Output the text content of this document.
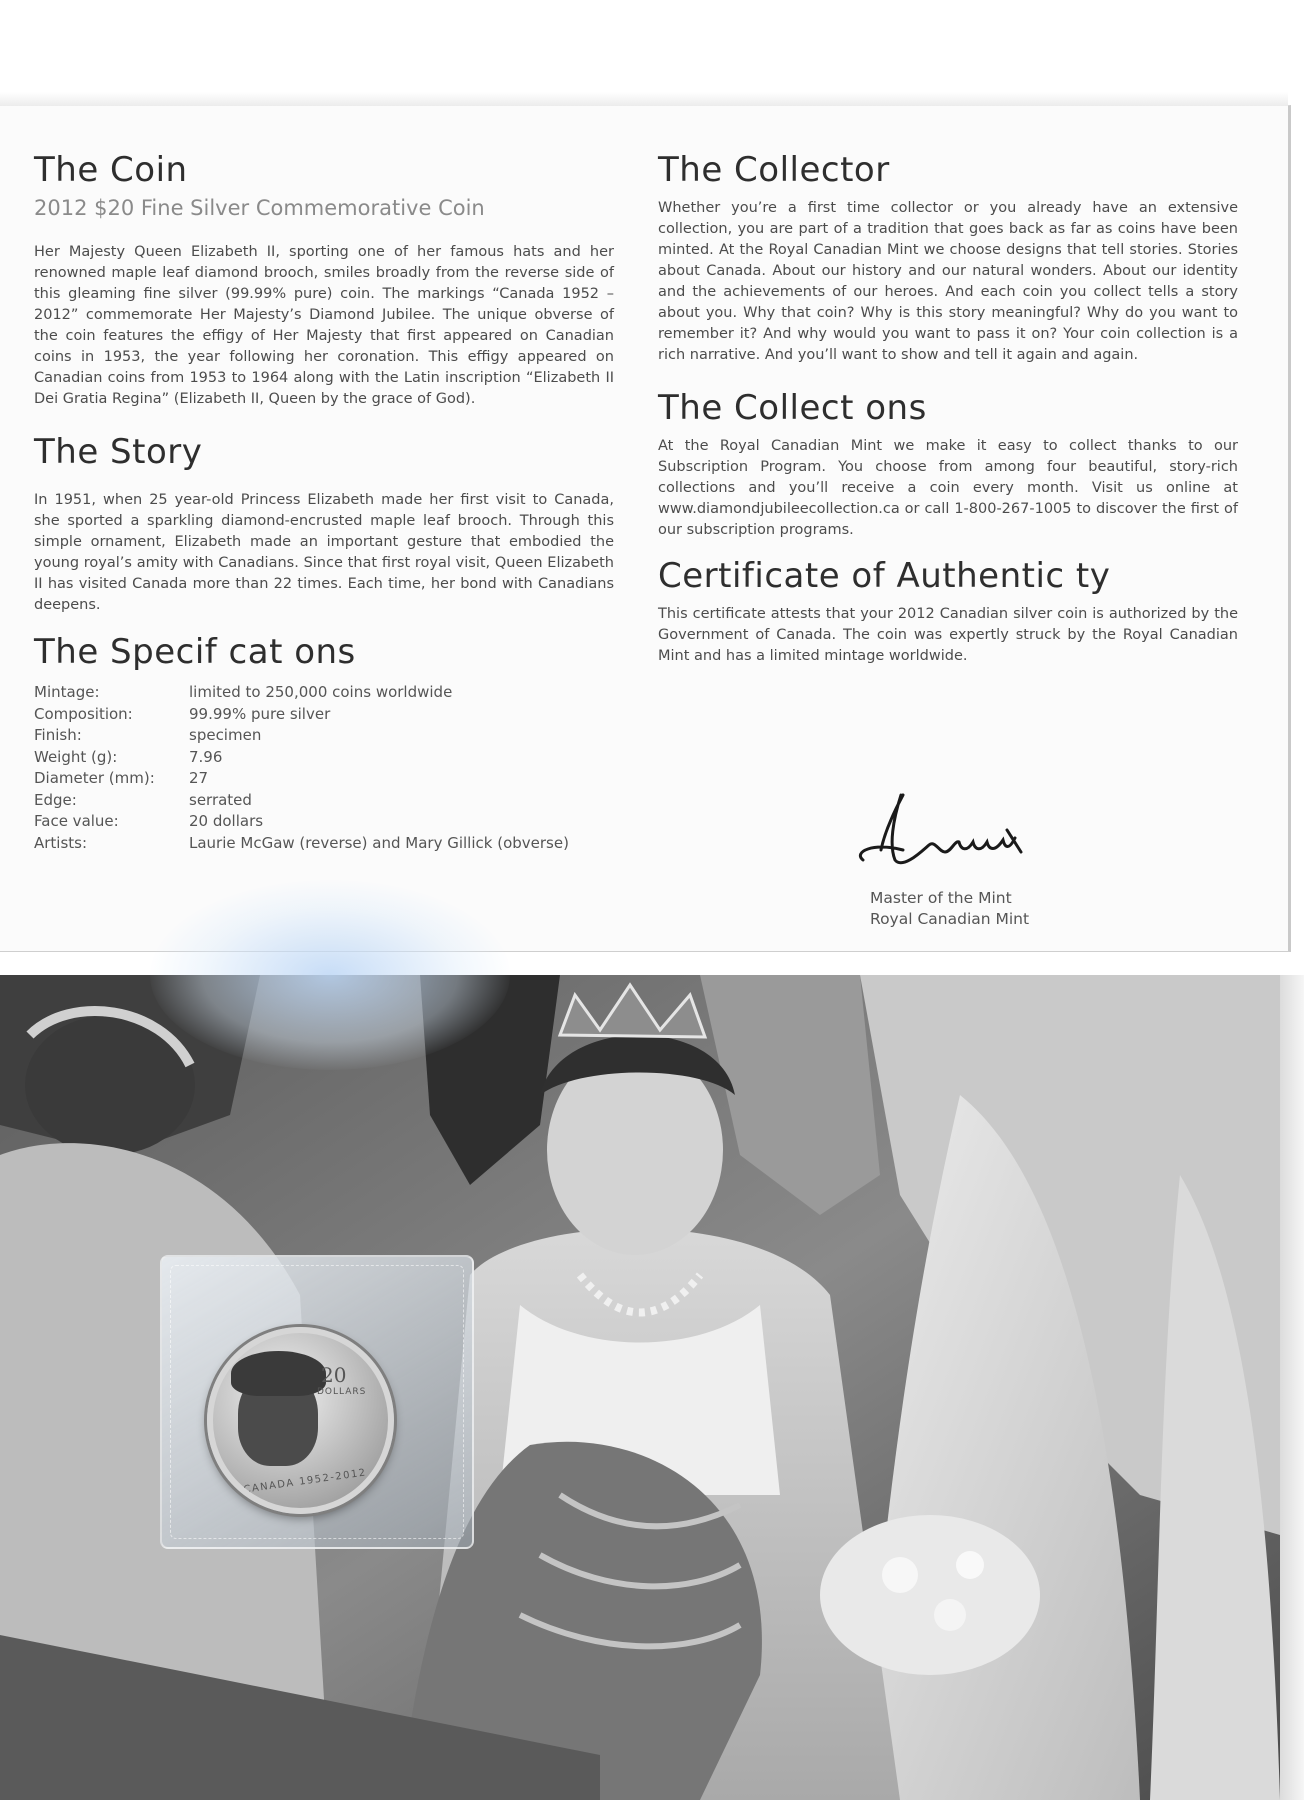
The Coin
2012 $20 Fine Silver Commemorative Coin

Her Majesty Queen Elizabeth II, sporting one of her famous hats and her renowned maple leaf diamond brooch, smiles broadly from the reverse side of this gleaming fine silver (99.99% pure) coin. The markings “Canada 1952 – 2012” commemorate Her Majesty’s Diamond Jubilee. The unique obverse of the coin features the effigy of Her Majesty that first appeared on Canadian coins in 1953, the year following her coronation. This effigy appeared on Canadian coins from 1953 to 1964 along with the Latin inscription “Elizabeth II Dei Gratia Regina” (Elizabeth II, Queen by the grace of God).

The Story

In 1951, when 25 year-old Princess Elizabeth made her first visit to Canada, she sported a sparkling diamond-encrusted maple leaf brooch. Through this simple ornament, Elizabeth made an important gesture that embodied the young royal’s amity with Canadians. Since that first royal visit, Queen Elizabeth II has visited Canada more than 22 times. Each time, her bond with Canadians deepens.

The Specif cat ons
Mintage:	limited to 250,000 coins worldwide
Composition:	99.99% pure silver
Finish:	specimen
Weight (g):	7.96
Diameter (mm):	27
Edge:	serrated
Face value:	20 dollars
Artists:	Laurie McGaw (reverse) and Mary Gillick (obverse)
The Collector

Whether you’re a first time collector or you already have an extensive collection, you are part of a tradition that goes back as far as coins have been minted. At the Royal Canadian Mint we choose designs that tell stories. Stories about Canada. About our history and our natural wonders. About our identity and the achievements of our heroes. And each coin you collect tells a story about you. Why that coin? Why is this story meaningful? Why do you want to remember it? And why would you want to pass it on? Your coin collection is a rich narrative. And you’ll want to show and tell it again and again.

The Collect ons

At the Royal Canadian Mint we make it easy to collect thanks to our Subscription Program. You choose from among four beautiful, story-rich collections and you’ll receive a coin every month. Visit us online at www.diamondjubileecollection.ca or call 1-800-267-1005 to discover the first of our subscription programs.

Certificate of Authentic ty

This certificate attests that your 2012 Canadian silver coin is authorized by the Government of Canada. The coin was expertly struck by the Royal Canadian Mint and has a limited mintage worldwide.

Master of the Mint
Royal Canadian Mint
20
DOLLARS
CANADA 1952-2012
